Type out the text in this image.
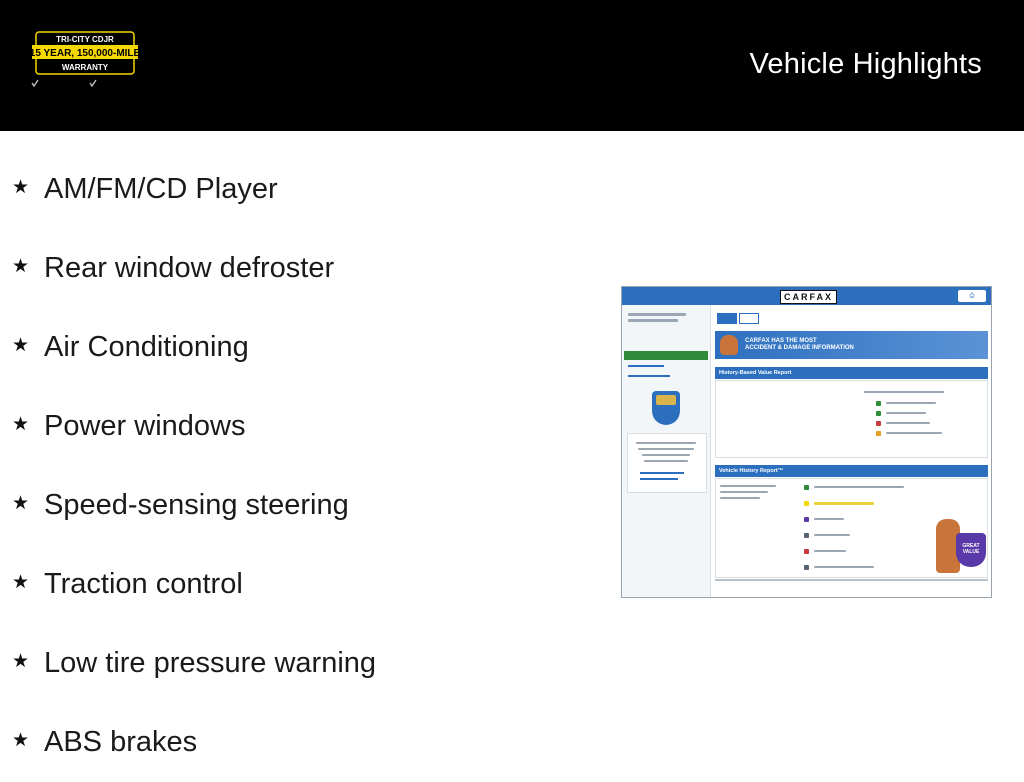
TRI-CITY CDJR
15 YEAR, 150,000-MILE
WARRANTY	Vehicle Highlights
★ AM/FM/CD Player
★ Rear window defroster
★ Air Conditioning
★ Power windows
★ Speed-sensing steering
★ Traction control
★ Low tire pressure warning
★ ABS brakes
CARFAX	⎙
CARFAX HAS THE MOST
ACCIDENT & DAMAGE INFORMATION
History-Based Value Report
Vehicle History Report™
GREAT VALUE
